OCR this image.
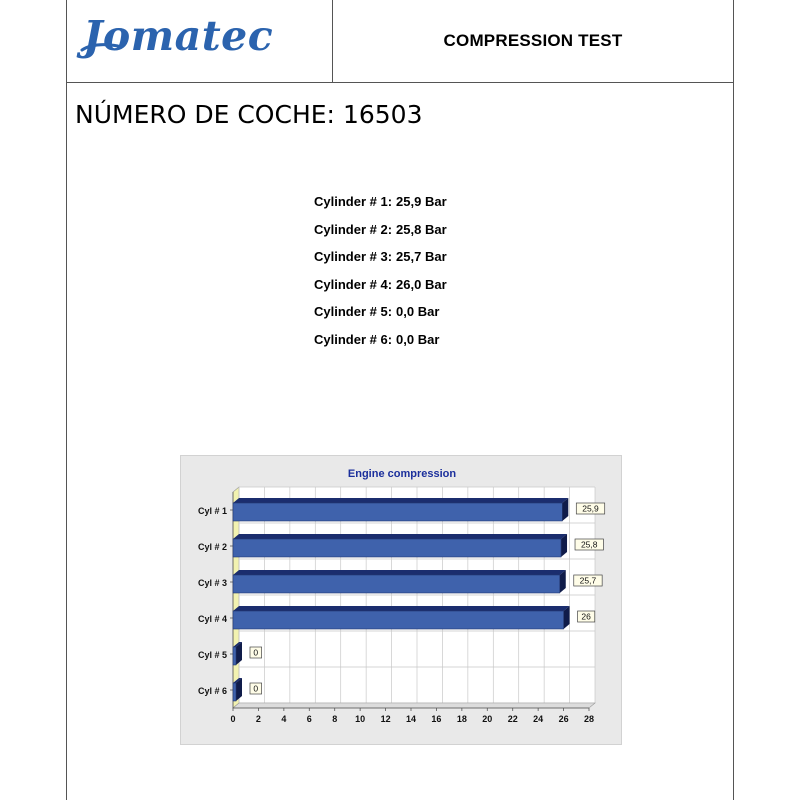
Jomatec	COMPRESSION TEST
NÚMERO DE COCHE: 16503
Cylinder # 1: 25,9 Bar
Cylinder # 2: 25,8 Bar
Cylinder # 3: 25,7 Bar
Cylinder # 4: 26,0 Bar
Cylinder # 5: 0,0 Bar
Cylinder # 6: 0,0 Bar
Engine compression
0 2 4 6 8 10 12 14 16 18 20 22 24 26 28
Cyl # 1	25,9
Cyl # 2	25,8
Cyl # 3	25,7
Cyl # 4	26
Cyl # 5	0
Cyl # 6	0
